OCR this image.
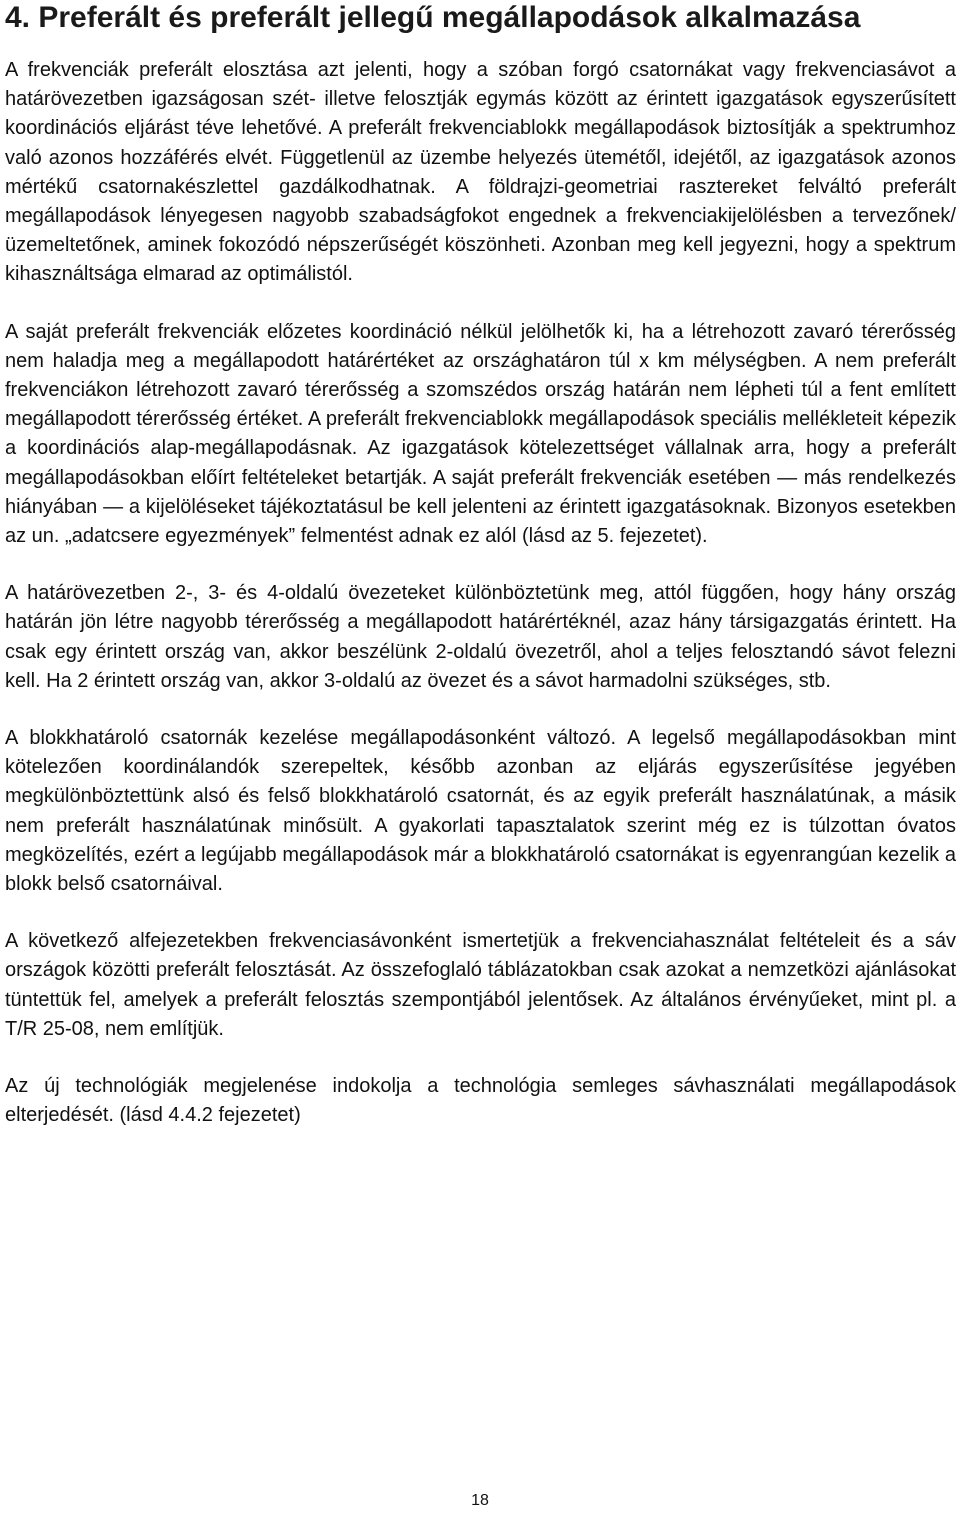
4. Preferált és preferált jellegű megállapodások alkalmazása

A frekvenciák preferált elosztása azt jelenti, hogy a szóban forgó csatornákat vagy frekvenciasávot a határövezetben igazságosan szét- illetve felosztják egymás között az érintett igazgatások egyszerűsített koordinációs eljárást téve lehetővé. A preferált frekvenciablokk megállapodások biztosítják a spektrumhoz való azonos hozzáférés elvét. Függetlenül az üzembe helyezés ütemétől, idejétől, az igazgatások azonos mértékű csatornakészlettel gazdálkodhatnak. A földrajzi-geometriai rasztereket felváltó preferált megállapodások lényegesen nagyobb szabadságfokot engednek a frekvenciakijelölésben a tervezőnek/üzemeltetőnek, aminek fokozódó népszerűségét köszönheti. Azonban meg kell jegyezni, hogy a spektrum kihasználtsága elmarad az optimálistól.

A saját preferált frekvenciák előzetes koordináció nélkül jelölhetők ki, ha a létrehozott zavaró térerősség nem haladja meg a megállapodott határértéket az országhatáron túl x km mélységben. A nem preferált frekvenciákon létrehozott zavaró térerősség a szomszédos ország határán nem lépheti túl a fent említett megállapodott térerősség értéket. A preferált frekvenciablokk megállapodások speciális mellékleteit képezik a koordinációs alap-megállapodásnak. Az igazgatások kötelezettséget vállalnak arra, hogy a preferált megállapodásokban előírt feltételeket betartják. A saját preferált frekvenciák esetében — más rendelkezés hiányában — a kijelöléseket tájékoztatásul be kell jelenteni az érintett igazgatásoknak. Bizonyos esetekben az un. „adatcsere egyezmények” felmentést adnak ez alól (lásd az 5. fejezetet).

A határövezetben 2-, 3- és 4-oldalú övezeteket különböztetünk meg, attól függően, hogy hány ország határán jön létre nagyobb térerősség a megállapodott határértéknél, azaz hány társigazgatás érintett. Ha csak egy érintett ország van, akkor beszélünk 2-oldalú övezetről, ahol a teljes felosztandó sávot felezni kell. Ha 2 érintett ország van, akkor 3-oldalú az övezet és a sávot harmadolni szükséges, stb.

A blokkhatároló csatornák kezelése megállapodásonként változó. A legelső megállapodásokban mint kötelezően koordinálandók szerepeltek, később azonban az eljárás egyszerűsítése jegyében megkülönböztettünk alsó és felső blokkhatároló csatornát, és az egyik preferált használatúnak, a másik nem preferált használatúnak minősült. A gyakorlati tapasztalatok szerint még ez is túlzottan óvatos megközelítés, ezért a legújabb megállapodások már a blokkhatároló csatornákat is egyenrangúan kezelik a blokk belső csatornáival.

A következő alfejezetekben frekvenciasávonként ismertetjük a frekvenciahasználat feltételeit és a sáv országok közötti preferált felosztását. Az összefoglaló táblázatokban csak azokat a nemzetközi ajánlásokat tüntettük fel, amelyek a preferált felosztás szempontjából jelentősek. Az általános érvényűeket, mint pl. a T/R 25-08, nem említjük.

Az új technológiák megjelenése indokolja a technológia semleges sávhasználati megállapodások elterjedését. (lásd 4.4.2 fejezetet)

18
